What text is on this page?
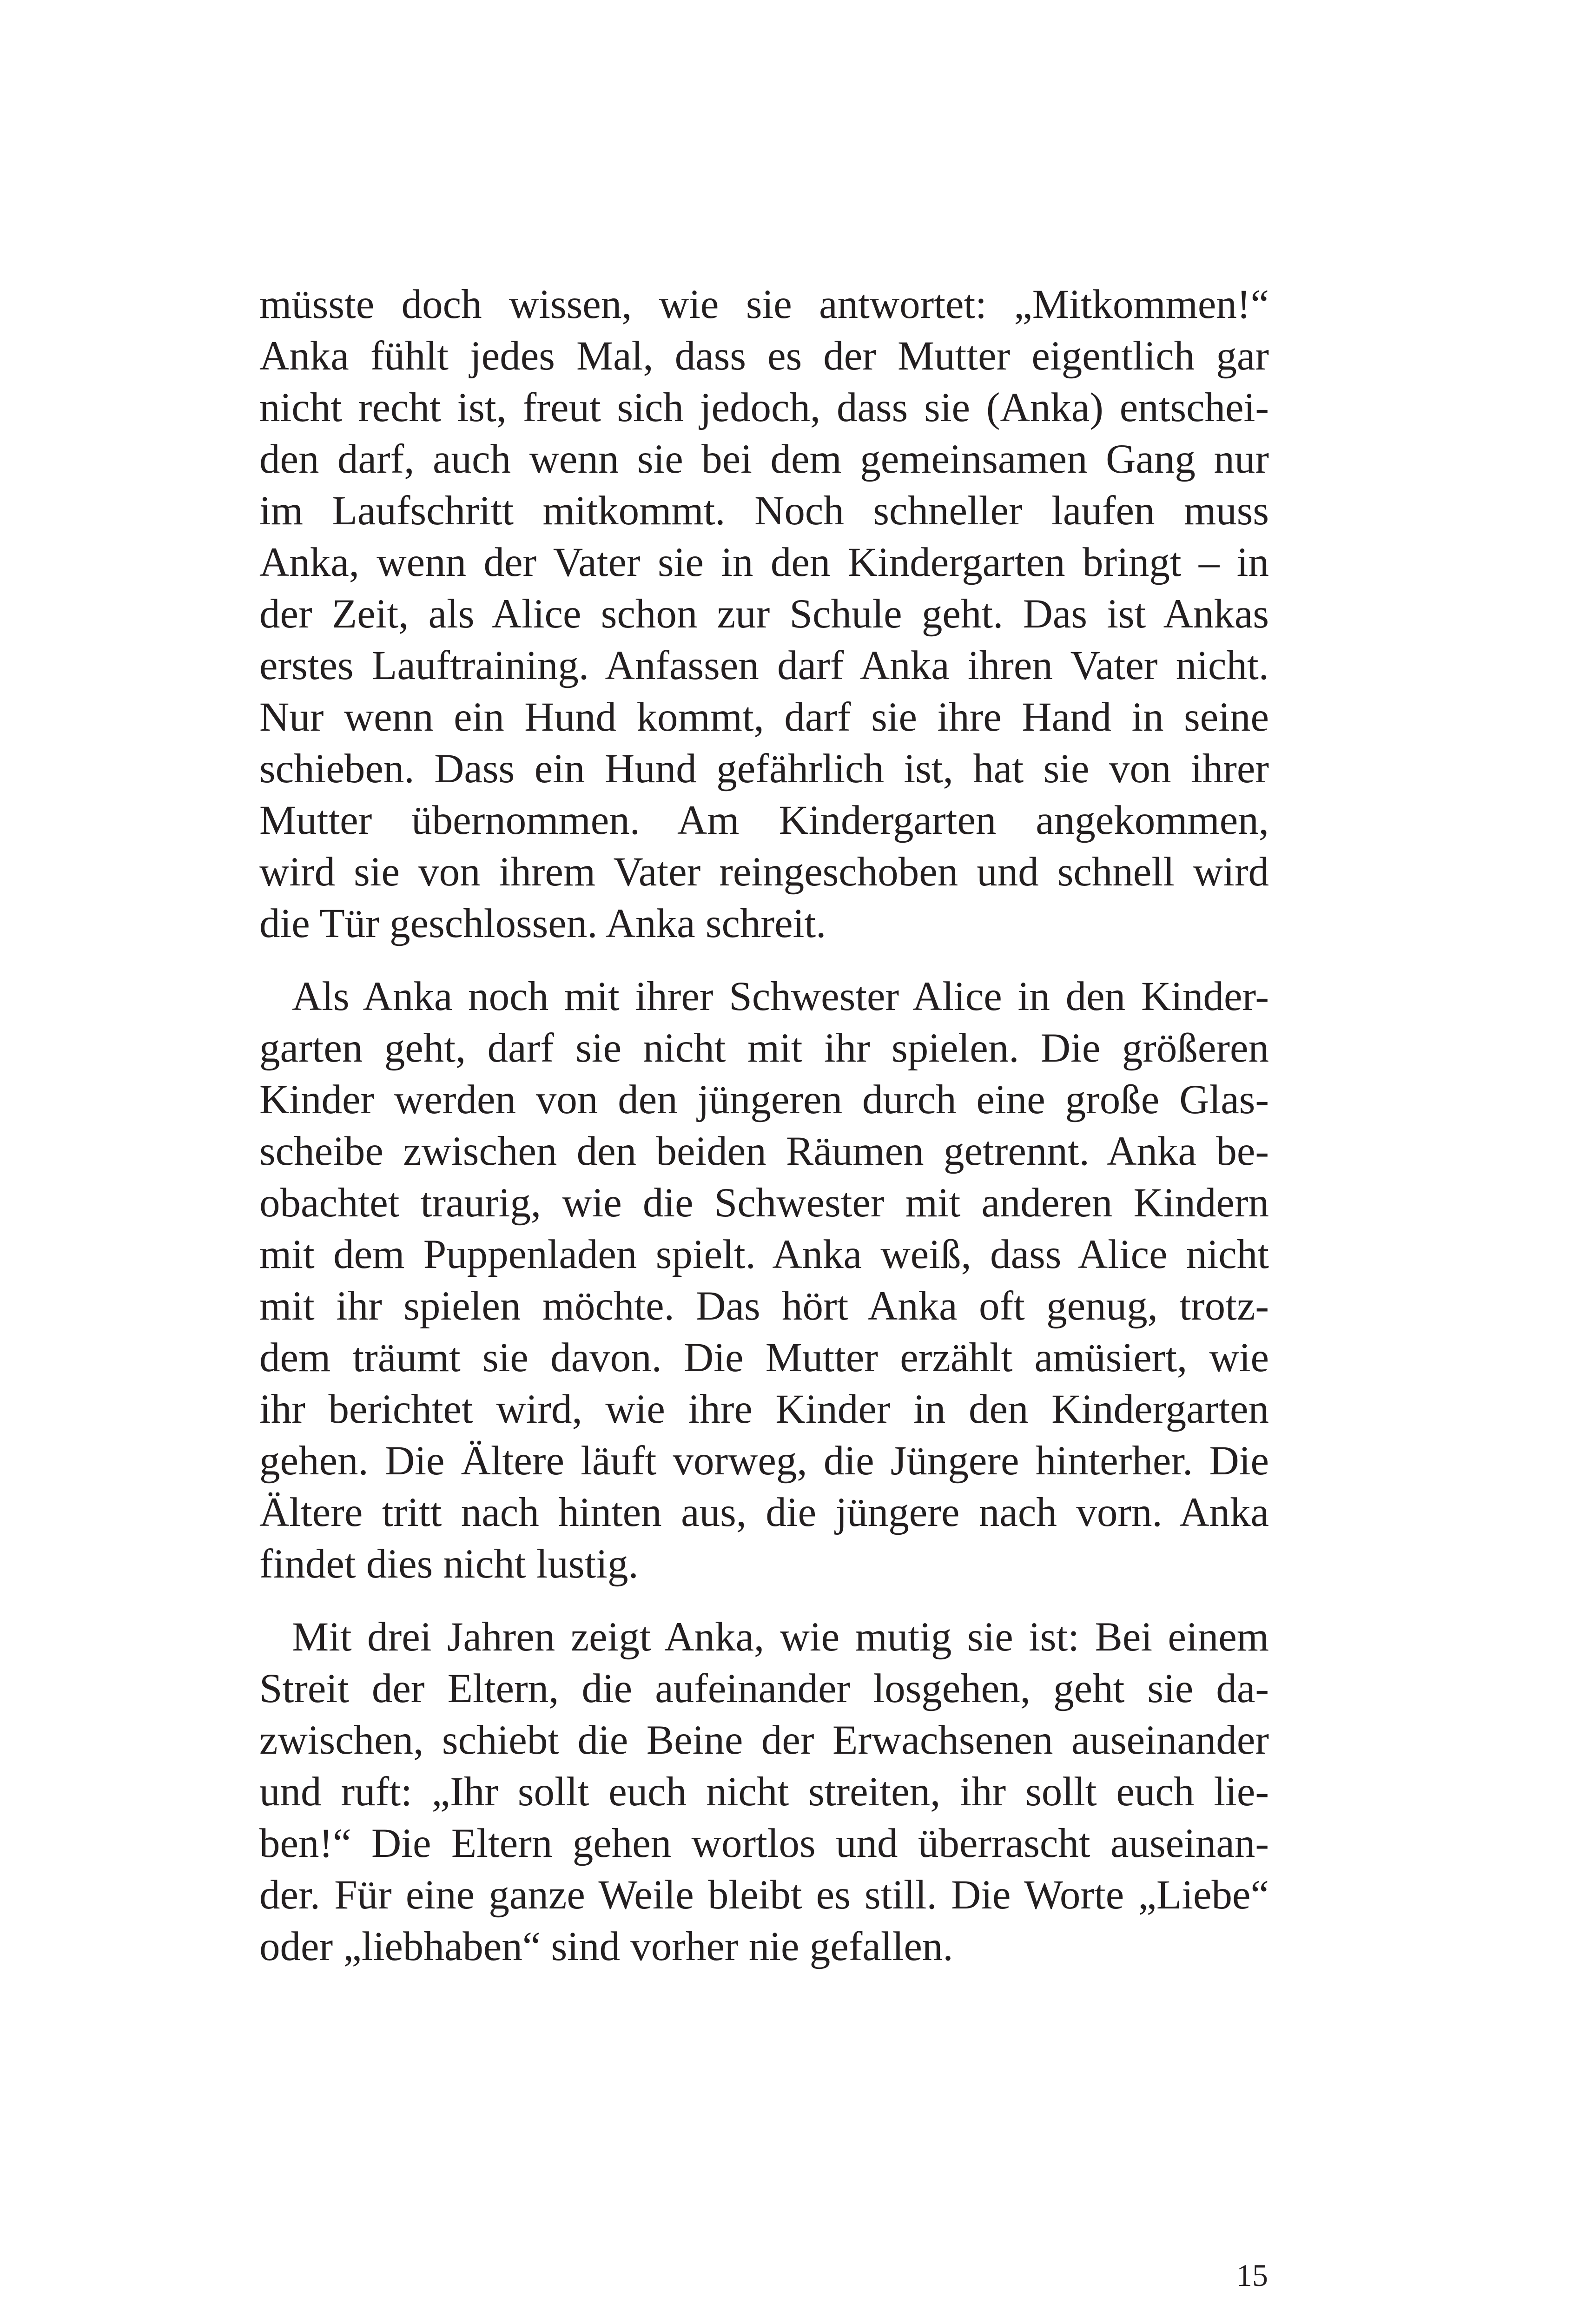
müsste doch wissen, wie sie antwortet: „Mitkommen!“
Anka fühlt jedes Mal, dass es der Mutter eigentlich gar
nicht recht ist, freut sich jedoch, dass sie (Anka) entschei-
den darf, auch wenn sie bei dem gemeinsamen Gang nur
im Laufschritt mitkommt. Noch schneller laufen muss
Anka, wenn der Vater sie in den Kindergarten bringt – in
der Zeit, als Alice schon zur Schule geht. Das ist Ankas
erstes Lauftraining. Anfassen darf Anka ihren Vater nicht.
Nur wenn ein Hund kommt, darf sie ihre Hand in seine
schieben. Dass ein Hund gefährlich ist, hat sie von ihrer
Mutter übernommen. Am Kindergarten angekommen,
wird sie von ihrem Vater reingeschoben und schnell wird
die Tür geschlossen. Anka schreit.

Als Anka noch mit ihrer Schwester Alice in den Kinder-
garten geht, darf sie nicht mit ihr spielen. Die größeren
Kinder werden von den jüngeren durch eine große Glas-
scheibe zwischen den beiden Räumen getrennt. Anka be-
obachtet traurig, wie die Schwester mit anderen Kindern
mit dem Puppenladen spielt. Anka weiß, dass Alice nicht
mit ihr spielen möchte. Das hört Anka oft genug, trotz-
dem träumt sie davon. Die Mutter erzählt amüsiert, wie
ihr berichtet wird, wie ihre Kinder in den Kindergarten
gehen. Die Ältere läuft vorweg, die Jüngere hinterher. Die
Ältere tritt nach hinten aus, die jüngere nach vorn. Anka
findet dies nicht lustig.

Mit drei Jahren zeigt Anka, wie mutig sie ist: Bei einem
Streit der Eltern, die aufeinander losgehen, geht sie da-
zwischen, schiebt die Beine der Erwachsenen auseinander
und ruft: „Ihr sollt euch nicht streiten, ihr sollt euch lie-
ben!“ Die Eltern gehen wortlos und überrascht auseinan-
der. Für eine ganze Weile bleibt es still. Die Worte „Liebe“
oder „liebhaben“ sind vorher nie gefallen.

15
